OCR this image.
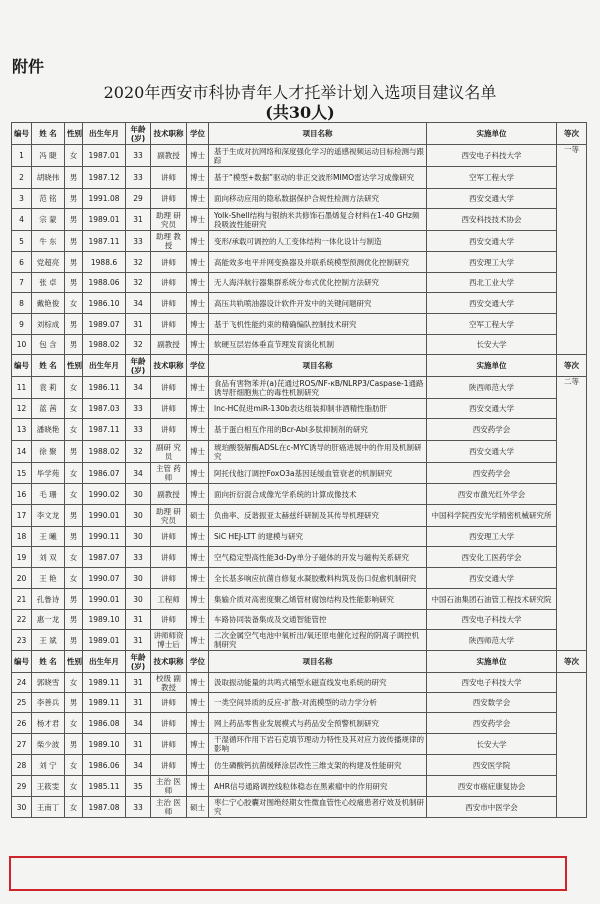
附件
2020年西安市科协青年人才托举计划入选项目建议名单
(共30人)
编号	姓 名	性别	出生年月	年龄(岁)	技术职称	学位	项目名称	实施单位	等次
1	冯 睫	女	1987.01	33	副教授	博士	基于生成对抗网络和深度强化学习的遥感视频运动目标检测与跟踪	西安电子科技大学	一等
2	胡晓伟	男	1987.12	33	讲师	博士	基于“模型+数据”驱动的非正交波形MIMO雷达学习成像研究	空军工程大学	
3	范 铭	男	1991.08	29	讲师	博士	面向移动应用的隐私数据保护合规性检测方法研究	西安交通大学	
4	宗 蒙	男	1989.01	31	助理 研究员	博士	Yolk-Shell结构与银纳米共修饰石墨烯复合材料在1-40 GHz频段吸波性能研究	西安科技技术协会	
5	牛 东	男	1987.11	33	助理 教授	博士	变形/承载可调控的人工变体结构一体化设计与制造	西安交通大学	
6	党超亮	男	1988.6	32	讲师	博士	高能效多电平并网变换器及并联系统模型预测优化控制研究	西安理工大学	
7	张 卓	男	1988.06	32	讲师	博士	无人海洋航行器集群系统分布式优化控制方法研究	西北工业大学	
8	戴艳俊	女	1986.10	34	讲师	博士	高压共轨喷油器设计软件开发中的关键问题研究	西安交通大学	
9	刘棕成	男	1989.07	31	讲师	博士	基于飞机性能约束的精确编队控制技术研究	空军工程大学	
10	包 含	男	1988.02	32	副教授	博士	软硬互层岩体垂直节理发育演化机制	长安大学	
编号	姓 名	性别	出生年月	年龄(岁)	技术职称	学位	项目名称	实施单位	等次
11	袁 莉	女	1986.11	34	讲师	博士	食品有害物苯并(a)芘通过ROS/NF-κB/NLRP3/Caspase-1通路诱导肝细胞焦亡的毒性机制研究	陕西师范大学	二等
12	蓝 茜	女	1987.03	33	讲师	博士	lnc-HC促进miR-130b表达组装抑制非酒精性脂肪肝	西安交通大学	
13	潘晓艳	女	1987.11	33	讲师	博士	基于蛋白相互作用的Bcr-Abl多肽抑制剂的研究	西安药学会	
14	徐 聚	男	1988.02	32	副研 究员	博士	琥珀酸裂解酶ADSL在c-MYC诱导的肝癌进展中的作用及机制研究	西安交通大学	
15	毕学苑	女	1986.07	34	主管 药师	博士	阿托伐他汀调控FoxO3a基因延缓血管衰老的机制研究	西安药学会	
16	毛 珊	女	1990.02	30	副教授	博士	面向折衍混合成像光学系统的计算成像技术	西安市激光红外学会	
17	李文龙	男	1990.01	30	助理 研究员	硕士	负曲率、反谐振亚太赫兹纤研制及其传导机理研究	中国科学院西安光学精密机械研究所	
18	王 曦	男	1990.11	30	讲师	博士	SiC HEJ-LTT 的建模与研究	西安理工大学	
19	刘 双	女	1987.07	33	讲师	博士	空气稳定型高性能3d-Dy单分子磁体的开发与磁构关系研究	西安化工医药学会	
20	王 艳	女	1990.07	30	讲师	博士	全长基多响应抗菌自修复水凝胶敷料构筑及伤口促愈机制研究	西安交通大学	
21	孔鲁诗	男	1990.01	30	工程师	博士	集输介质对高密度聚乙烯管材腐蚀结构及性能影响研究	中国石油集团石油管工程技术研究院	
22	惠一龙	男	1989.10	31	讲师	博士	车路协同装备集成及交通智能管控	西安电子科技大学	
23	王 斌	男	1989.01	31	讲师师资博士后	博士	二次金属空气电池中氧析出/氧还原电催化过程的阴离子调控机制研究	陕西师范大学	
编号	姓 名	性别	出生年月	年龄(岁)	技术职称	学位	项目名称	实施单位	等次
24	郭晓雪	女	1989.11	31	校级 副教授	博士	汲取振动能量的共鸣式桶型永磁直线发电系统的研究	西安电子科技大学	
25	李善兵	男	1989.11	31	讲师	博士	一类空间异质的反应-扩散-对流模型的动力学分析	西安数学会	
26	杨才君	女	1986.08	34	讲师	博士	网上药品零售业发展模式与药品安全预警机制研究	西安药学会	
27	柴少波	男	1989.10	31	讲师	博士	干湿循环作用下岩石克填节理动力特性及其对应力波传播规律的影响	长安大学	
28	刘 宁	女	1986.06	34	讲师	博士	仿生磷酸钙抗菌缓释涂层改性三维支架的构建及性能研究	西安医学院	
29	王筱雯	女	1985.11	35	主治 医师	博士	AHR信号通路调控线粒体稳态在黑素瘤中的作用研究	西安市癌症康复协会	
30	王南丁	女	1987.08	33	主治 医师	硕士	枣仁宁心胶囊对围绝经期女性微血管性心绞痛患者疗效及机制研究	西安市中医学会	
